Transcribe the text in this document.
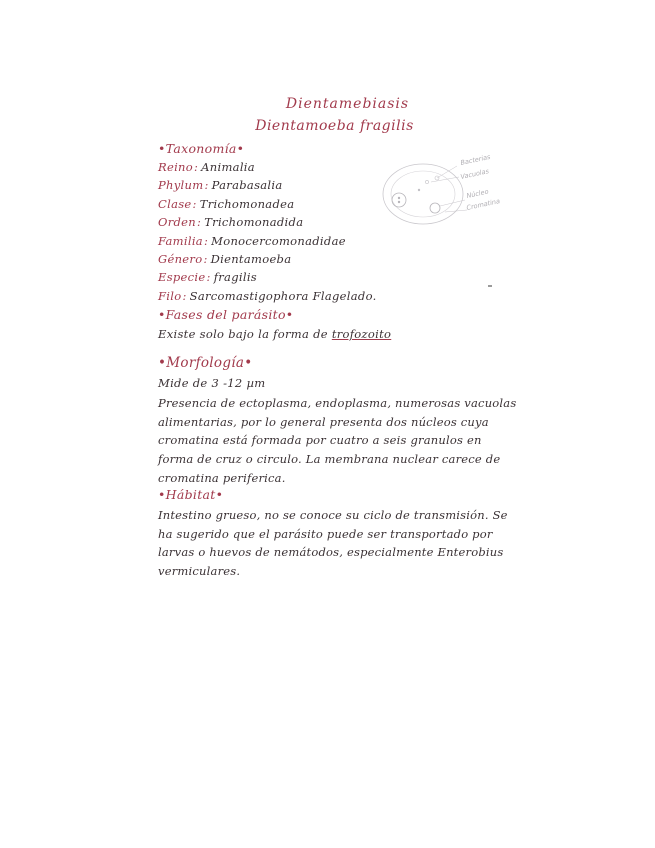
Dientamebiasis
Dientamoeba fragilis
•Taxonomía•
Reino: Animalia
Phylum: Parabasalia
Clase: Trichomonadea
Orden: Trichomonadida
Familia: Monocercomonadidae
Género: Dientamoeba
Especie: fragilis
Filo: Sarcomastigophora Flagelado.
Bacterias
Vacuolas
Núcleo
Cromatina
•Fases del parásito•
Existe solo bajo la forma de trofozoito
•Morfología•
Mide de 3 -12 µm
Presencia de ectoplasma, endoplasma, numerosas vacuolas alimentarias, por lo general presenta dos núcleos cuya cromatina está formada por cuatro a seis granulos en forma de cruz o circulo. La membrana nuclear carece de cromatina periferica.
•Hábitat•
Intestino grueso, no se conoce su ciclo de transmisión. Se ha sugerido que el parásito puede ser transportado por larvas o huevos de nemátodos, especialmente Enterobius vermiculares.
